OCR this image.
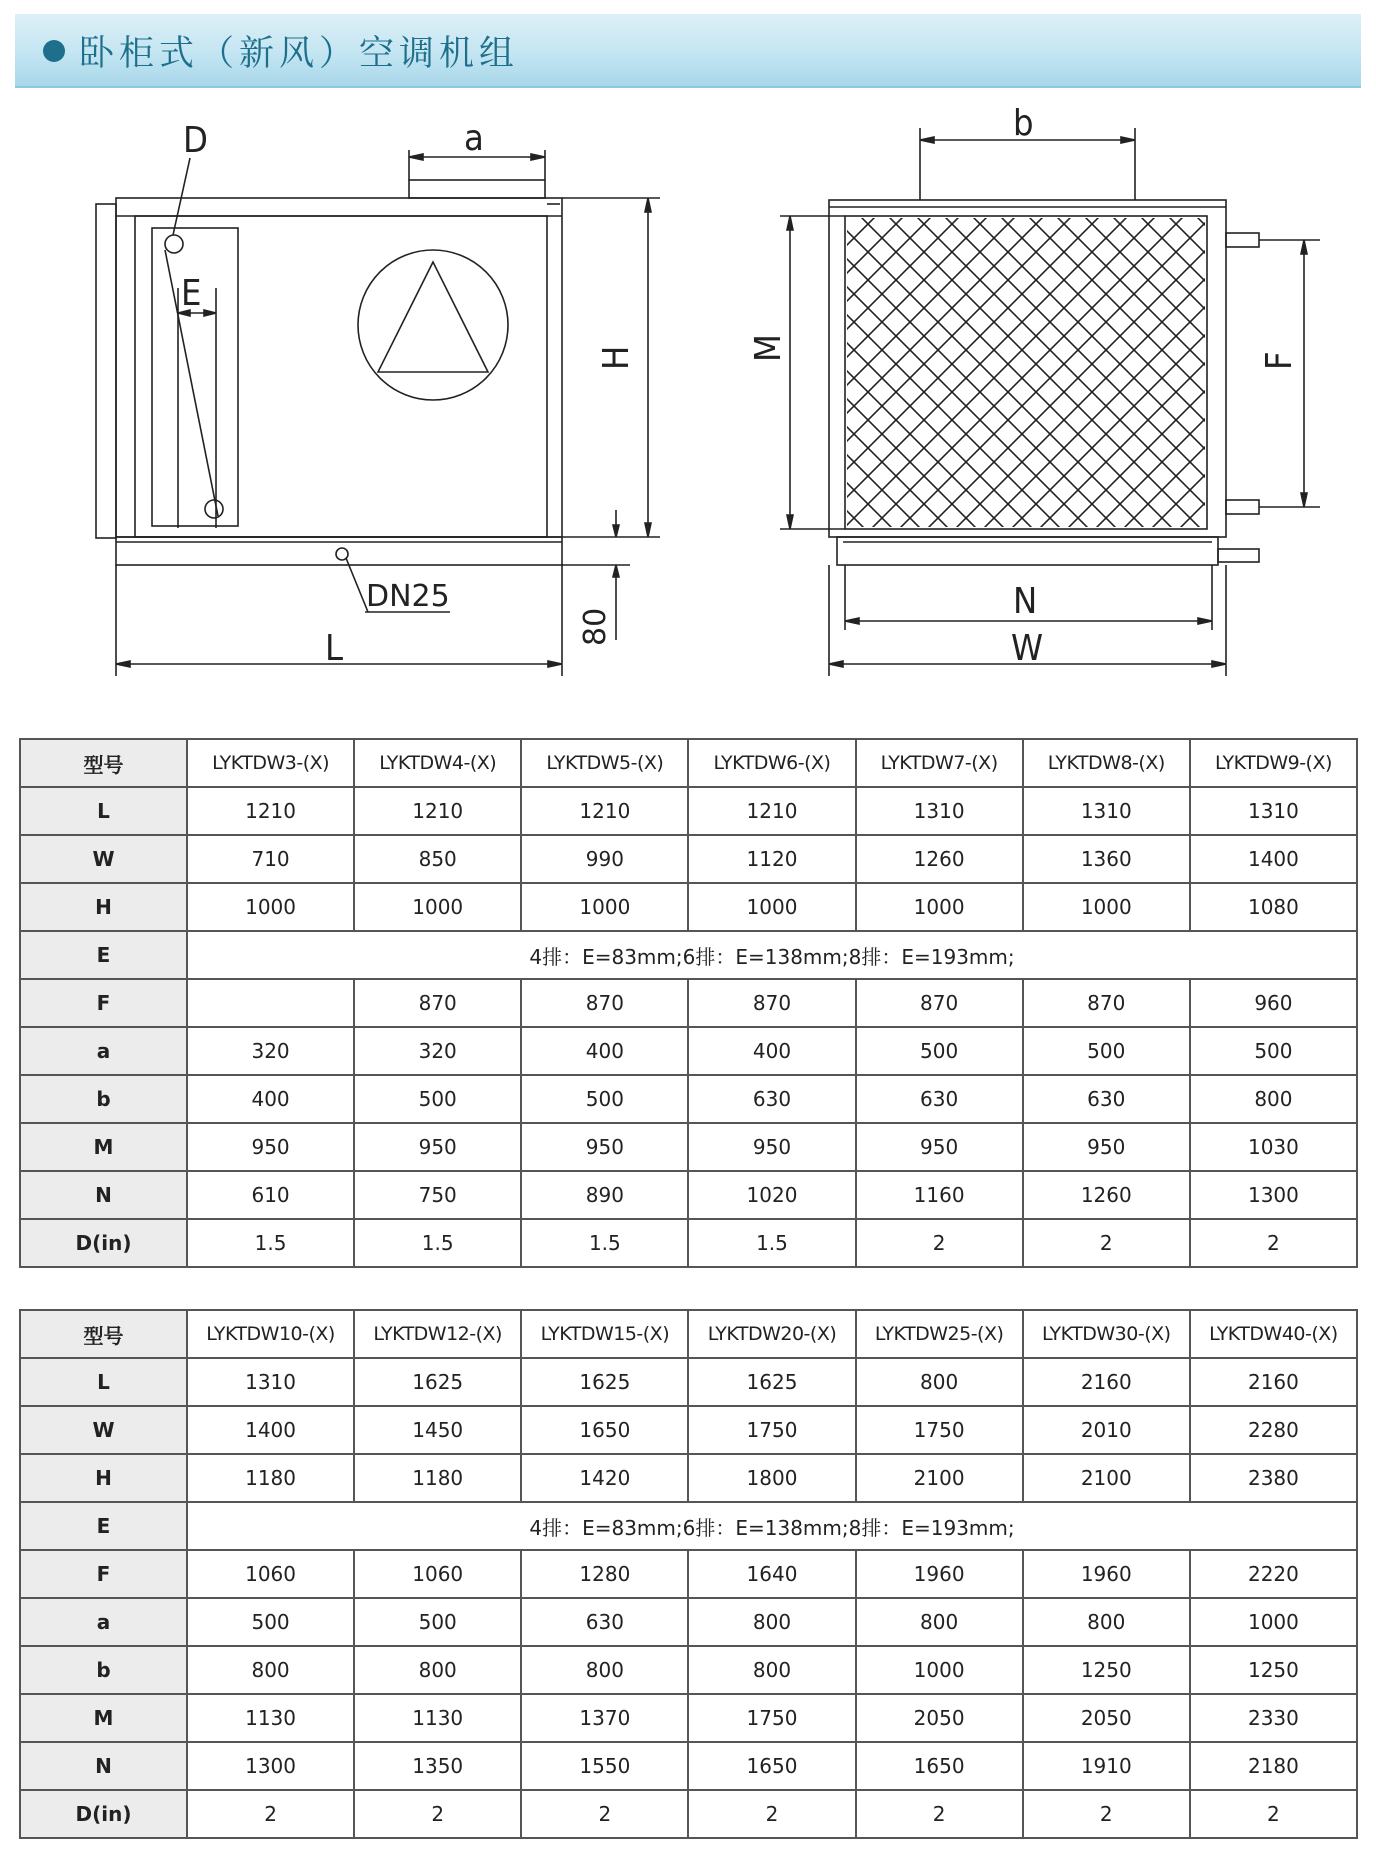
卧柜式（新风）空调机组
D	a
E
H
DN25
80
L
b
M	F
N
W
型号	LYKTDW3-(X)	LYKTDW4-(X)	LYKTDW5-(X)	LYKTDW6-(X)	LYKTDW7-(X)	LYKTDW8-(X)	LYKTDW9-(X)
L	1210	1210	1210	1210	1310	1310	1310
W	710	850	990	1120	1260	1360	1400
H	1000	1000	1000	1000	1000	1000	1080
E	4排：E=83mm;6排：E=138mm;8排：E=193mm;						
F		870	870	870	870	870	960
a	320	320	400	400	500	500	500
b	400	500	500	630	630	630	800
M	950	950	950	950	950	950	1030
N	610	750	890	1020	1160	1260	1300
D(in)	1.5	1.5	1.5	1.5	2	2	2
型号	LYKTDW10-(X)	LYKTDW12-(X)	LYKTDW15-(X)	LYKTDW20-(X)	LYKTDW25-(X)	LYKTDW30-(X)	LYKTDW40-(X)
L	1310	1625	1625	1625	800	2160	2160
W	1400	1450	1650	1750	1750	2010	2280
H	1180	1180	1420	1800	2100	2100	2380
E	4排：E=83mm;6排：E=138mm;8排：E=193mm;						
F	1060	1060	1280	1640	1960	1960	2220
a	500	500	630	800	800	800	1000
b	800	800	800	800	1000	1250	1250
M	1130	1130	1370	1750	2050	2050	2330
N	1300	1350	1550	1650	1650	1910	2180
D(in)	2	2	2	2	2	2	2
